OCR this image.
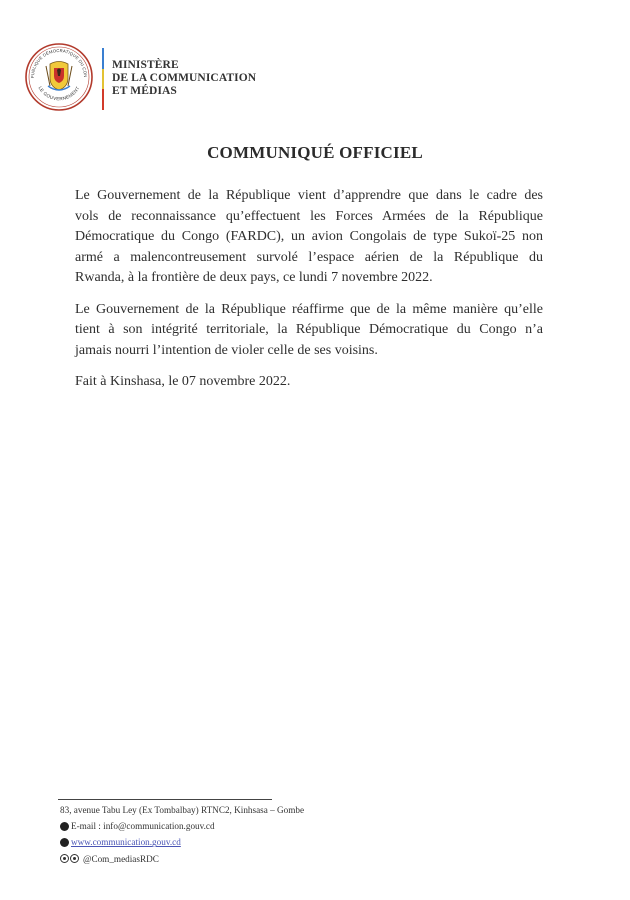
PUBLIQUE DÉMOCRATIQUE DU CON
LE GOUVERNEMENT
MINISTÈRE
DE LA COMMUNICATION
ET MÉDIAS
COMMUNIQUÉ OFFICIEL

Le Gouvernement de la République vient d’apprendre que dans le cadre des
vols de reconnaissance qu’effectuent les Forces Armées de la République
Démocratique du Congo (FARDC), un avion Congolais de type Sukoï-25 non
armé a malencontreusement survolé l’espace aérien de la République du
Rwanda, à la frontière de deux pays, ce lundi 7 novembre 2022.

Le Gouvernement de la République réaffirme que de la même manière qu’elle
tient à son intégrité territoriale, la République Démocratique du Congo n’a
jamais nourri l’intention de violer celle de ses voisins.

Fait à Kinshasa, le 07 novembre 2022.

83, avenue Tabu Ley (Ex Tombalbay) RTNC2, Kinhsasa – Gombe
E-mail : info@communication.gouv.cd
www.communication.gouv.cd
@Com_mediasRDC
